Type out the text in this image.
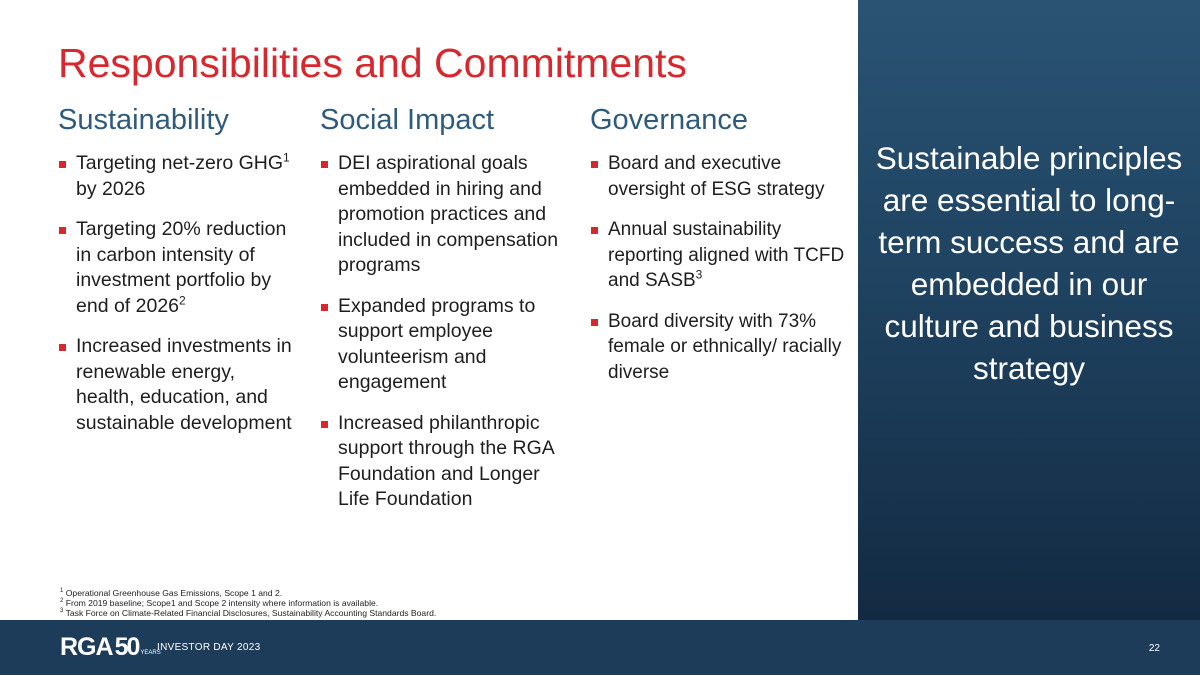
Responsibilities and Commitments
Sustainability
Targeting net-zero GHG$^1$ by 2026
Targeting 20% reduction in carbon intensity of investment portfolio by end of 2026$^2$
Increased investments in renewable energy, health, education, and sustainable development
Social Impact
DEI aspirational goals embedded in hiring and promotion practices and included in compensation programs
Expanded programs to support employee volunteerism and engagement
Increased philanthropic support through the RGA Foundation and Longer Life Foundation
Governance
Board and executive oversight of ESG strategy
Annual sustainability reporting aligned with TCFD and SASB$^3$
Board diversity with 73% female or ethnically/ racially diverse
Sustainable principles are essential to long-term success and are embedded in our culture and business strategy
$^1$ Operational Greenhouse Gas Emissions, Scope 1 and 2.
$^2$ From 2019 baseline; Scope1 and Scope 2 intensity where information is available.
$^3$ Task Force on Climate-Related Financial Disclosures, Sustainability Accounting Standards Board.
RGA 50 YEARS
INVESTOR DAY 2023	22
